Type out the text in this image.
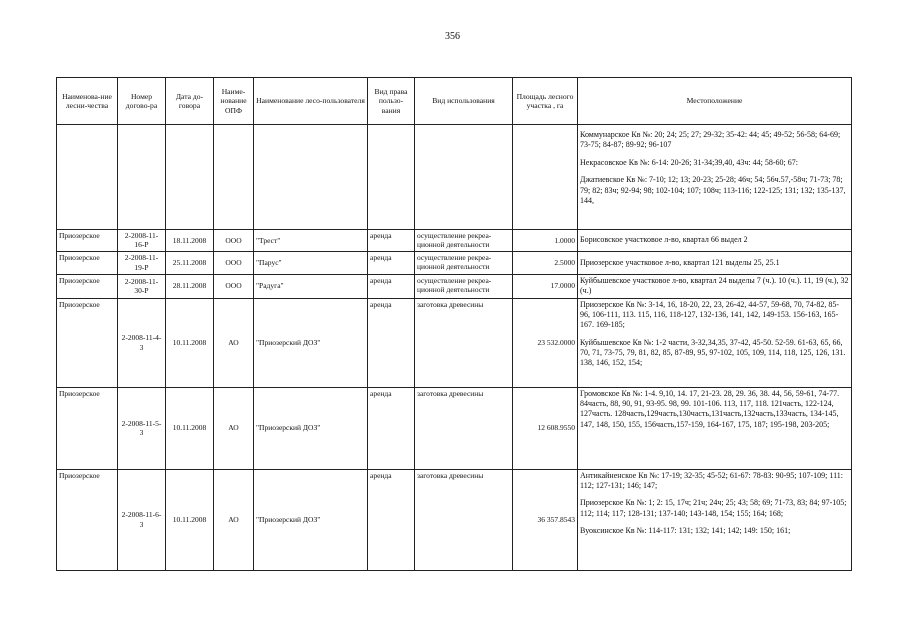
356
Наименова-ние лесни-чества	Номер догово-ра	Дата до-говора	Наиме-нование ОПФ	Наименование лесо-пользователя	Вид права пользо-вания	Вид использования	Площадь лесного участка , га	Местоположение

								Коммунарское Кв №: 20; 24; 25; 27; 29-32; 35-42: 44; 45; 49-52; 56-58; 64-69; 73-75; 84-87; 89-92; 96-107

Некрасовское Кв №: 6-14: 20-26; 31-34;39,40, 43ч: 44; 58-60; 67:

Джатиевское Кв №: 7-10; 12; 13; 20-23; 25-28; 46ч; 54; 56ч.57,-58ч; 71-73; 78; 79; 82; 83ч; 92-94; 98; 102-104; 107; 108ч; 113-116; 122-125; 131; 132; 135-137, 144,

Приозерское	2-2008-11-16-Р	18.11.2008	ООО	"Трест"	аренда	осуществление рекреа-ционной деятельности	1.0000	Борисовское участковое л-во, квартал 66 выдел 2

Приозерское	2-2008-11-19-Р	25.11.2008	ООО	"Парус"	аренда	осуществление рекреа-ционной деятельности	2.5000	Приозерское участковое л-во, квартал 121 выделы 25, 25.1

Приозерское	2-2008-11-30-Р	28.11.2008	ООО	"Радуга"	аренда	осуществление рекреа-ционной деятельности	17.0000	Куйбышевское участковое л-во, квартал 24 выделы 7 (ч.). 10 (ч.). 11, 19 (ч.), 32 (ч.)

Приозерское	2-2008-11-4-3	10.11.2008	АО	"Приозерский ДОЗ"	аренда	заготовка древесины	23 532.0000	Приозерское Кв №: 3-14, 16, 18-20, 22, 23, 26-42, 44-57, 59-68, 70, 74-82, 85-96, 106-111, 113. 115, 116, 118-127, 132-136, 141, 142, 149-153. 156-163, 165-167. 169-185;

Куйбышевское Кв №: 1-2 части, 3-32,34,35, 37-42, 45-50. 52-59. 61-63, 65, 66, 70, 71, 73-75, 79, 81, 82, 85, 87-89, 95, 97-102, 105, 109, 114, 118, 125, 126, 131. 138, 146, 152, 154;

Приозерское	2-2008-11-5-3	10.11.2008	АО	"Приозерский ДОЗ"	аренда	заготовка древесины	12 608.9550	Громовское Кв №: 1-4. 9,10, 14. 17, 21-23. 28, 29. 36, 38. 44, 56, 59-61, 74-77. 84часть, 88, 90, 91, 93-95. 98, 99. 101-106. 113, 117, 118. 121часть, 122-124, 127часть. 128часть,129часть,130часть,131часть,132часть,133часть, 134-145, 147, 148, 150, 155, 156часть,157-159, 164-167, 175, 187; 195-198, 203-205;

Приозерское	2-2008-11-6-3	10.11.2008	АО	"Приозерский ДОЗ"	аренда	заготовка древесины	36 357.8543	Антикайненское Кв №: 17-19; 32-35; 45-52; 61-67: 78-83: 90-95; 107-109; 111: 112; 127-131; 146; 147;

Приозерское Кв №: 1; 2: 15, 17ч; 21ч; 24ч; 25; 43; 58; 69; 71-73, 83; 84; 97-105; 112; 114; 117; 128-131; 137-140; 143-148, 154; 155; 164; 168;

Вуоксинское Кв №: 114-117: 131; 132; 141; 142; 149: 150; 161;
